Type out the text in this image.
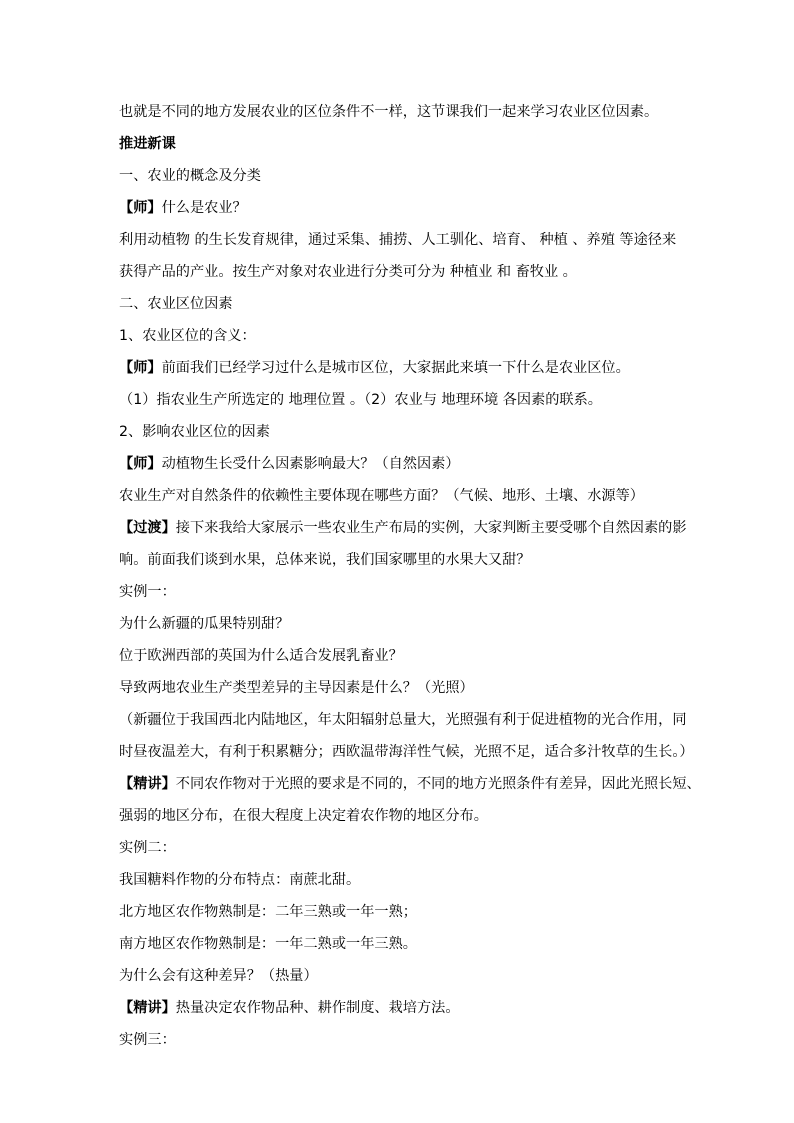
也就是不同的地方发展农业的区位条件不一样，这节课我们一起来学习农业区位因素。
推进新课
一、农业的概念及分类
【师】什么是农业？
利用动植物 的生长发育规律，通过采集、捕捞、人工驯化、培育、 种植 、养殖 等途径来
获得产品的产业。按生产对象对农业进行分类可分为 种植业 和 畜牧业 。
二、农业区位因素
1、农业区位的含义：
【师】前面我们已经学习过什么是城市区位，大家据此来填一下什么是农业区位。
（1）指农业生产所选定的 地理位置 。（2）农业与 地理环境 各因素的联系。
2、影响农业区位的因素
【师】动植物生长受什么因素影响最大？（自然因素）
农业生产对自然条件的依赖性主要体现在哪些方面？（气候、地形、土壤、水源等）
【过渡】接下来我给大家展示一些农业生产布局的实例，大家判断主要受哪个自然因素的影
响。前面我们谈到水果，总体来说，我们国家哪里的水果大又甜？
实例一：
为什么新疆的瓜果特别甜？
位于欧洲西部的英国为什么适合发展乳畜业？
导致两地农业生产类型差异的主导因素是什么？（光照）
（新疆位于我国西北内陆地区，年太阳辐射总量大，光照强有利于促进植物的光合作用，同
时昼夜温差大，有利于积累糖分；西欧温带海洋性气候，光照不足，适合多汁牧草的生长。）
【精讲】不同农作物对于光照的要求是不同的，不同的地方光照条件有差异，因此光照长短、
强弱的地区分布，在很大程度上决定着农作物的地区分布。
实例二：
我国糖料作物的分布特点：南蔗北甜。
北方地区农作物熟制是：二年三熟或一年一熟；
南方地区农作物熟制是：一年二熟或一年三熟。
为什么会有这种差异？（热量）
【精讲】热量决定农作物品种、耕作制度、栽培方法。
实例三：
